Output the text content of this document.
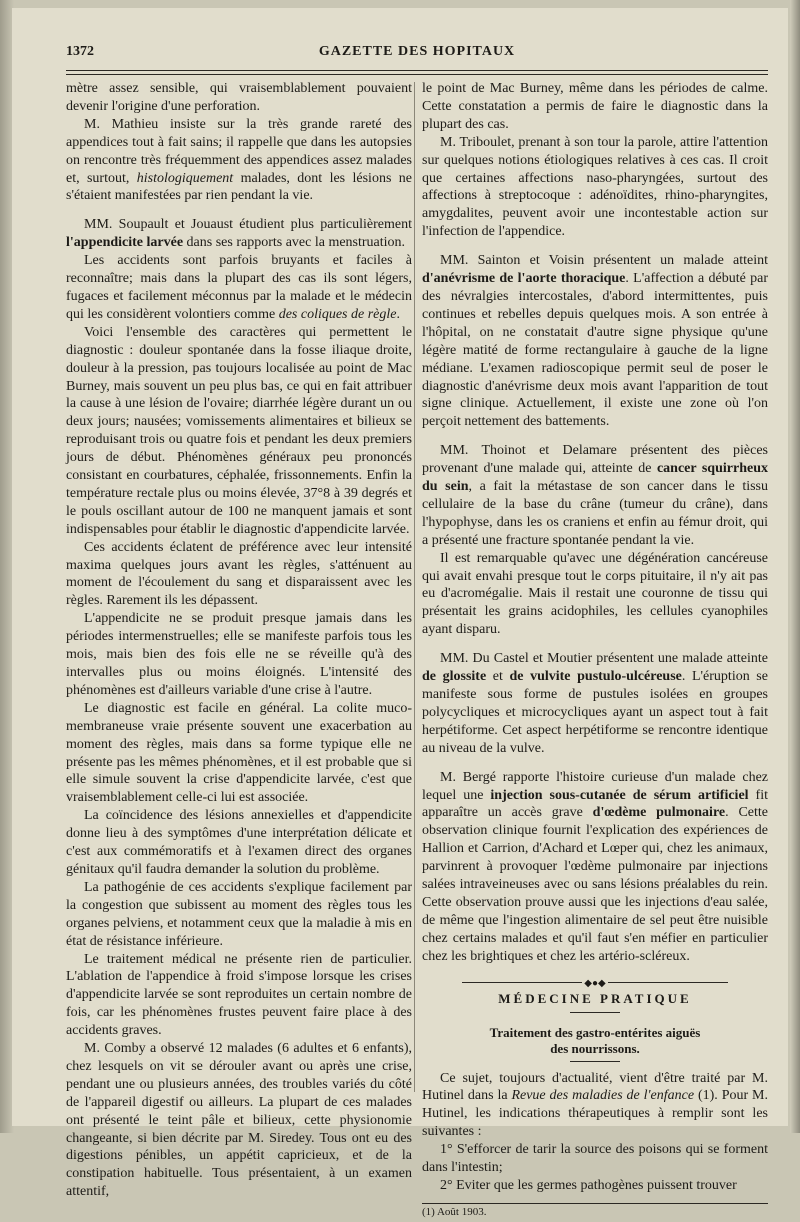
1372	GAZETTE DES HOPITAUX

mètre assez sensible, qui vraisemblablement pouvaient devenir l'origine d'une perforation.

M. Mathieu insiste sur la très grande rareté des appendices tout à fait sains; il rappelle que dans les autopsies on rencontre très fréquemment des appendices assez malades et, surtout, histologiquement malades, dont les lésions ne s'étaient manifestées par rien pendant la vie.

MM. Soupault et Jouaust étudient plus particulièrement l'appendicite larvée dans ses rapports avec la menstruation.

Les accidents sont parfois bruyants et faciles à reconnaître; mais dans la plupart des cas ils sont légers, fugaces et facilement méconnus par la malade et le médecin qui les considèrent volontiers comme des coliques de règle.

Voici l'ensemble des caractères qui permettent le diagnostic : douleur spontanée dans la fosse iliaque droite, douleur à la pression, pas toujours localisée au point de Mac Burney, mais souvent un peu plus bas, ce qui en fait attribuer la cause à une lésion de l'ovaire; diarrhée légère durant un ou deux jours; nausées; vomissements alimentaires et bilieux se reproduisant trois ou quatre fois et pendant les deux premiers jours de début. Phénomènes généraux peu prononcés consistant en courbatures, céphalée, frissonnements. Enfin la température rectale plus ou moins élevée, 37°8 à 39 degrés et le pouls oscillant autour de 100 ne manquent jamais et sont indispensables pour établir le diagnostic d'appendicite larvée.

Ces accidents éclatent de préférence avec leur intensité maxima quelques jours avant les règles, s'atténuent au moment de l'écoulement du sang et disparaissent avec les règles. Rarement ils les dépassent.

L'appendicite ne se produit presque jamais dans les périodes intermenstruelles; elle se manifeste parfois tous les mois, mais bien des fois elle ne se réveille qu'à des intervalles plus ou moins éloignés. L'intensité des phénomènes est d'ailleurs variable d'une crise à l'autre.

Le diagnostic est facile en général. La colite muco-membraneuse vraie présente souvent une exacerbation au moment des règles, mais dans sa forme typique elle ne présente pas les mêmes phénomènes, et il est probable que si elle simule souvent la crise d'appendicite larvée, c'est que vraisemblablement celle-ci lui est associée.

La coïncidence des lésions annexielles et d'appendicite donne lieu à des symptômes d'une interprétation délicate et c'est aux commémoratifs et à l'examen direct des organes génitaux qu'il faudra demander la solution du problème.

La pathogénie de ces accidents s'explique facilement par la congestion que subissent au moment des règles tous les organes pelviens, et notamment ceux que la maladie à mis en état de résistance inférieure.

Le traitement médical ne présente rien de particulier. L'ablation de l'appendice à froid s'impose lorsque les crises d'appendicite larvée se sont reproduites un certain nombre de fois, car les phénomènes frustes peuvent faire place à des accidents graves.

M. Comby a observé 12 malades (6 adultes et 6 enfants), chez lesquels on vit se dérouler avant ou après une crise, pendant une ou plusieurs années, des troubles variés du côté de l'appareil digestif ou ailleurs. La plupart de ces malades ont présenté le teint pâle et bilieux, cette physionomie changeante, si bien décrite par M. Siredey. Tous ont eu des digestions pénibles, un appétit capricieux, et de la constipation habituelle. Tous présentaient, à un examen attentif,

le point de Mac Burney, même dans les périodes de calme. Cette constatation a permis de faire le diagnostic dans la plupart des cas.

M. Triboulet, prenant à son tour la parole, attire l'attention sur quelques notions étiologiques relatives à ces cas. Il croit que certaines affections naso-pharyngées, surtout des affections à streptocoque : adénoïdites, rhino-pharyngites, amygdalites, peuvent avoir une incontestable action sur l'infection de l'appendice.

MM. Sainton et Voisin présentent un malade atteint d'anévrisme de l'aorte thoracique. L'affection a débuté par des névralgies intercostales, d'abord intermittentes, puis continues et rebelles depuis quelques mois. A son entrée à l'hôpital, on ne constatait d'autre signe physique qu'une légère matité de forme rectangulaire à gauche de la ligne médiane. L'examen radioscopique permit seul de poser le diagnostic d'anévrisme deux mois avant l'apparition de tout signe clinique. Actuellement, il existe une zone où l'on perçoit nettement des battements.

MM. Thoinot et Delamare présentent des pièces provenant d'une malade qui, atteinte de cancer squirrheux du sein, a fait la métastase de son cancer dans le tissu cellulaire de la base du crâne (tumeur du crâne), dans l'hypophyse, dans les os craniens et enfin au fémur droit, qui a présenté une fracture spontanée pendant la vie.

Il est remarquable qu'avec une dégénération cancéreuse qui avait envahi presque tout le corps pituitaire, il n'y ait pas eu d'acromégalie. Mais il restait une couronne de tissu qui présentait les grains acidophiles, les cellules cyanophiles ayant disparu.

MM. Du Castel et Moutier présentent une malade atteinte de glossite et de vulvite pustulo-ulcéreuse. L'éruption se manifeste sous forme de pustules isolées en groupes polycycliques et microcycliques ayant un aspect tout à fait herpétiforme. Cet aspect herpétiforme se rencontre identique au niveau de la vulve.

M. Bergé rapporte l'histoire curieuse d'un malade chez lequel une injection sous-cutanée de sérum artificiel fit apparaître un accès grave d'œdème pulmonaire. Cette observation clinique fournit l'explication des expériences de Hallion et Carrion, d'Achard et Lœper qui, chez les animaux, parvinrent à provoquer l'œdème pulmonaire par injections salées intraveineuses avec ou sans lésions préalables du rein. Cette observation prouve aussi que les injections d'eau salée, de même que l'ingestion alimentaire de sel peut être nuisible chez certains malades et qu'il faut s'en méfier en particulier chez les brightiques et chez les artério-scléreux.

◆●◆
MÉDECINE PRATIQUE
Traitement des gastro-entérites aiguës
des nourrissons.

Ce sujet, toujours d'actualité, vient d'être traité par M. Hutinel dans la Revue des maladies de l'enfance (1). Pour M. Hutinel, les indications thérapeutiques à remplir sont les suivantes :

1° S'efforcer de tarir la source des poisons qui se forment dans l'intestin;

2° Eviter que les germes pathogènes puissent trouver

(1) Août 1903.
